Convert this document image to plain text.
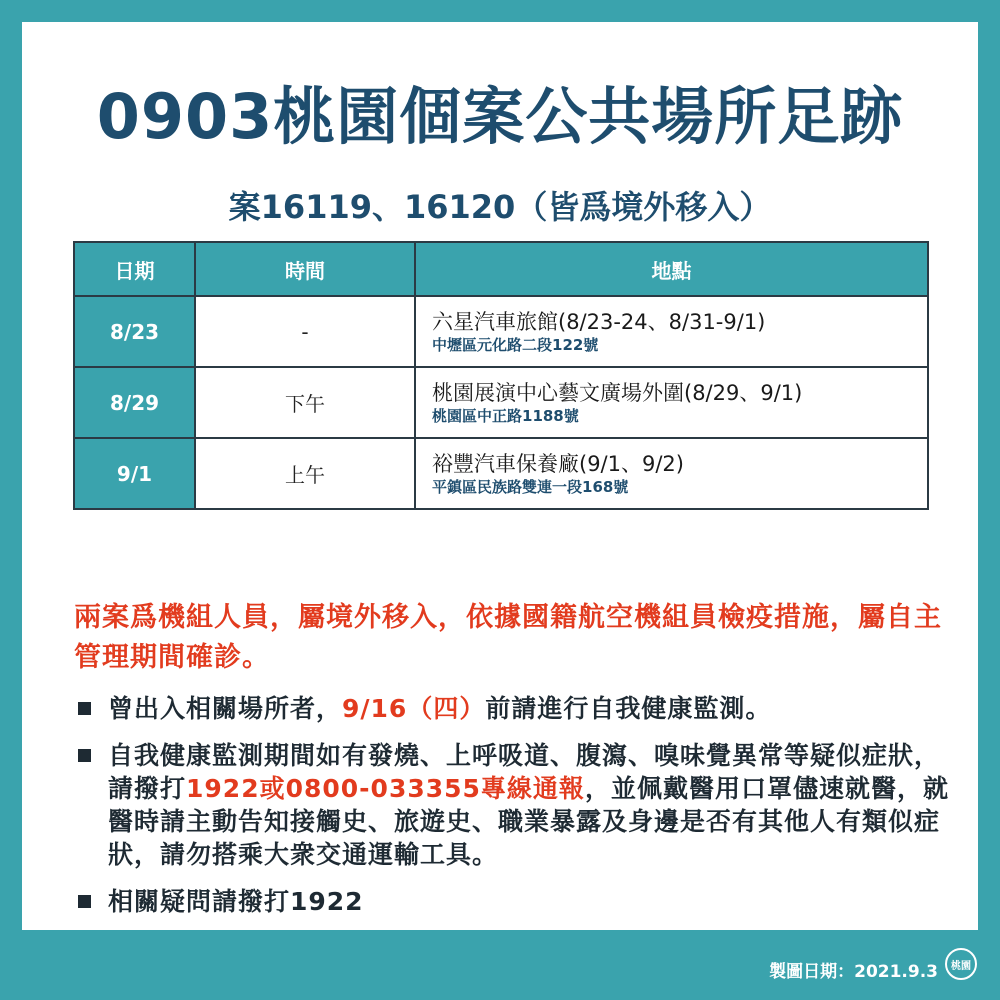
0903桃園個案公共場所足跡
案16119、16120（皆爲境外移入）
日期	時間	地點
8/23	-	六星汽車旅館(8/23-24、8/31-9/1)
中壢區元化路二段122號

8/29	下午	桃園展演中心藝文廣場外圍(8/29、9/1)
桃園區中正路1188號

9/1	上午	裕豐汽車保養廠(9/1、9/2)
平鎮區民族路雙連一段168號
兩案爲機組人員，屬境外移入，依據國籍航空機組員檢疫措施，屬自主管理期間確診。
曾出入相關場所者，9/16（四）前請進行自我健康監測。
自我健康監測期間如有發燒、上呼吸道、腹瀉、嗅味覺異常等疑似症狀，請撥打1922或0800-033355專線通報，並佩戴醫用口罩儘速就醫，就醫時請主動告知接觸史、旅遊史、職業暴露及身邊是否有其他人有類似症狀，請勿搭乘大衆交通運輸工具。
相關疑問請撥打1922
製圖日期：2021.9.3	桃園
